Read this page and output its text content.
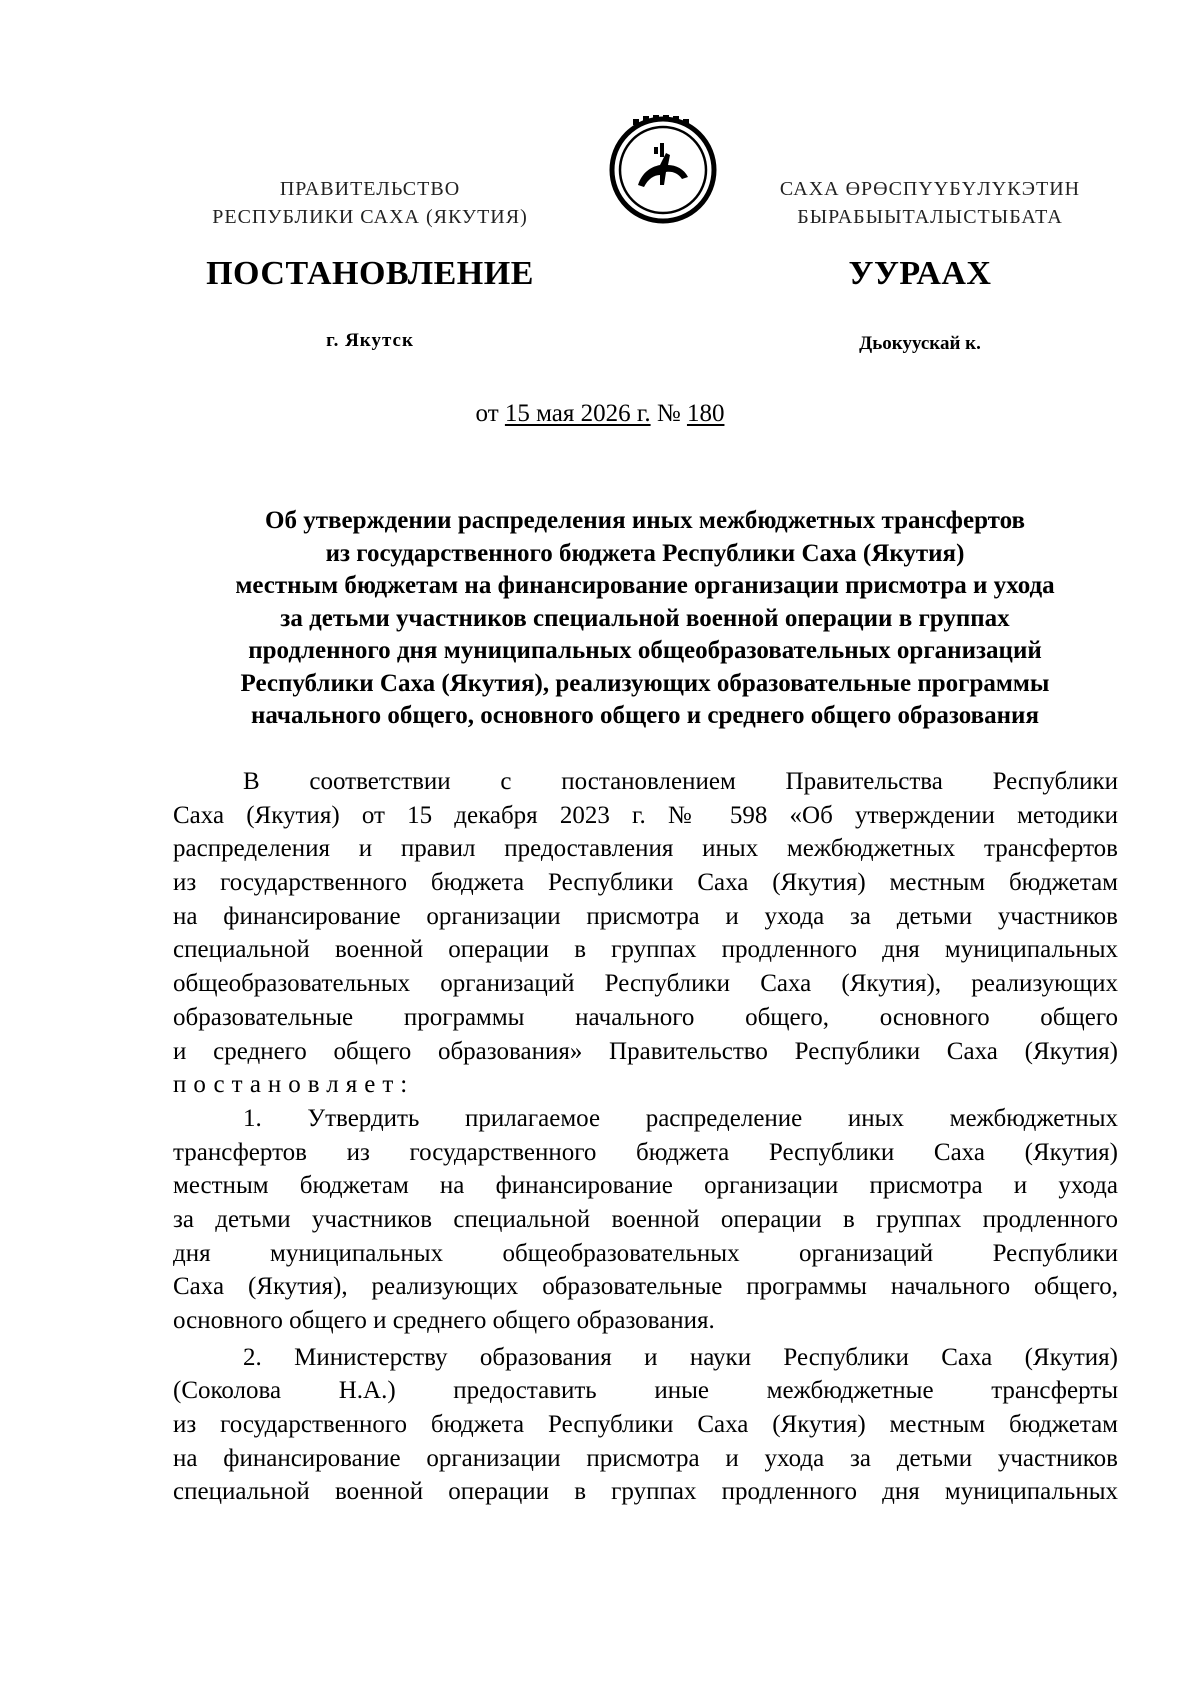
ПРАВИТЕЛЬСТВО
РЕСПУБЛИКИ САХА (ЯКУТИЯ)
САХА ӨРӨСПҮҮБҮЛҮКЭТИН
БЫРАБЫЫТАЛЫСТЫБАТА
ПОСТАНОВЛЕНИЕ	УУРААХ
г. Якутск	Дьокуускай к.
от 15 мая 2026 г. № 180
Об утверждении распределения иных межбюджетных трансфертов
из государственного бюджета Республики Саха (Якутия)
местным бюджетам на финансирование организации присмотра и ухода
за детьми участников специальной военной операции в группах
продленного дня муниципальных общеобразовательных организаций
Республики Саха (Якутия), реализующих образовательные программы
начального общего, основного общего и среднего общего образования
В соответствии с постановлением Правительства Республики
Саха (Якутия) от 15 декабря 2023 г. № 598 «Об утверждении методики
распределения и правил предоставления иных межбюджетных трансфертов
из государственного бюджета Республики Саха (Якутия) местным бюджетам
на финансирование организации присмотра и ухода за детьми участников
специальной военной операции в группах продленного дня муниципальных
общеобразовательных организаций Республики Саха (Якутия), реализующих
образовательные программы начального общего, основного общего
и среднего общего образования» Правительство Республики Саха (Якутия)
постановляет:
1. Утвердить прилагаемое распределение иных межбюджетных
трансфертов из государственного бюджета Республики Саха (Якутия)
местным бюджетам на финансирование организации присмотра и ухода
за детьми участников специальной военной операции в группах продленного
дня муниципальных общеобразовательных организаций Республики
Саха (Якутия), реализующих образовательные программы начального общего,
основного общего и среднего общего образования.
2. Министерству образования и науки Республики Саха (Якутия)
(Соколова Н.А.) предоставить иные межбюджетные трансферты
из государственного бюджета Республики Саха (Якутия) местным бюджетам
на финансирование организации присмотра и ухода за детьми участников
специальной военной операции в группах продленного дня муниципальных
